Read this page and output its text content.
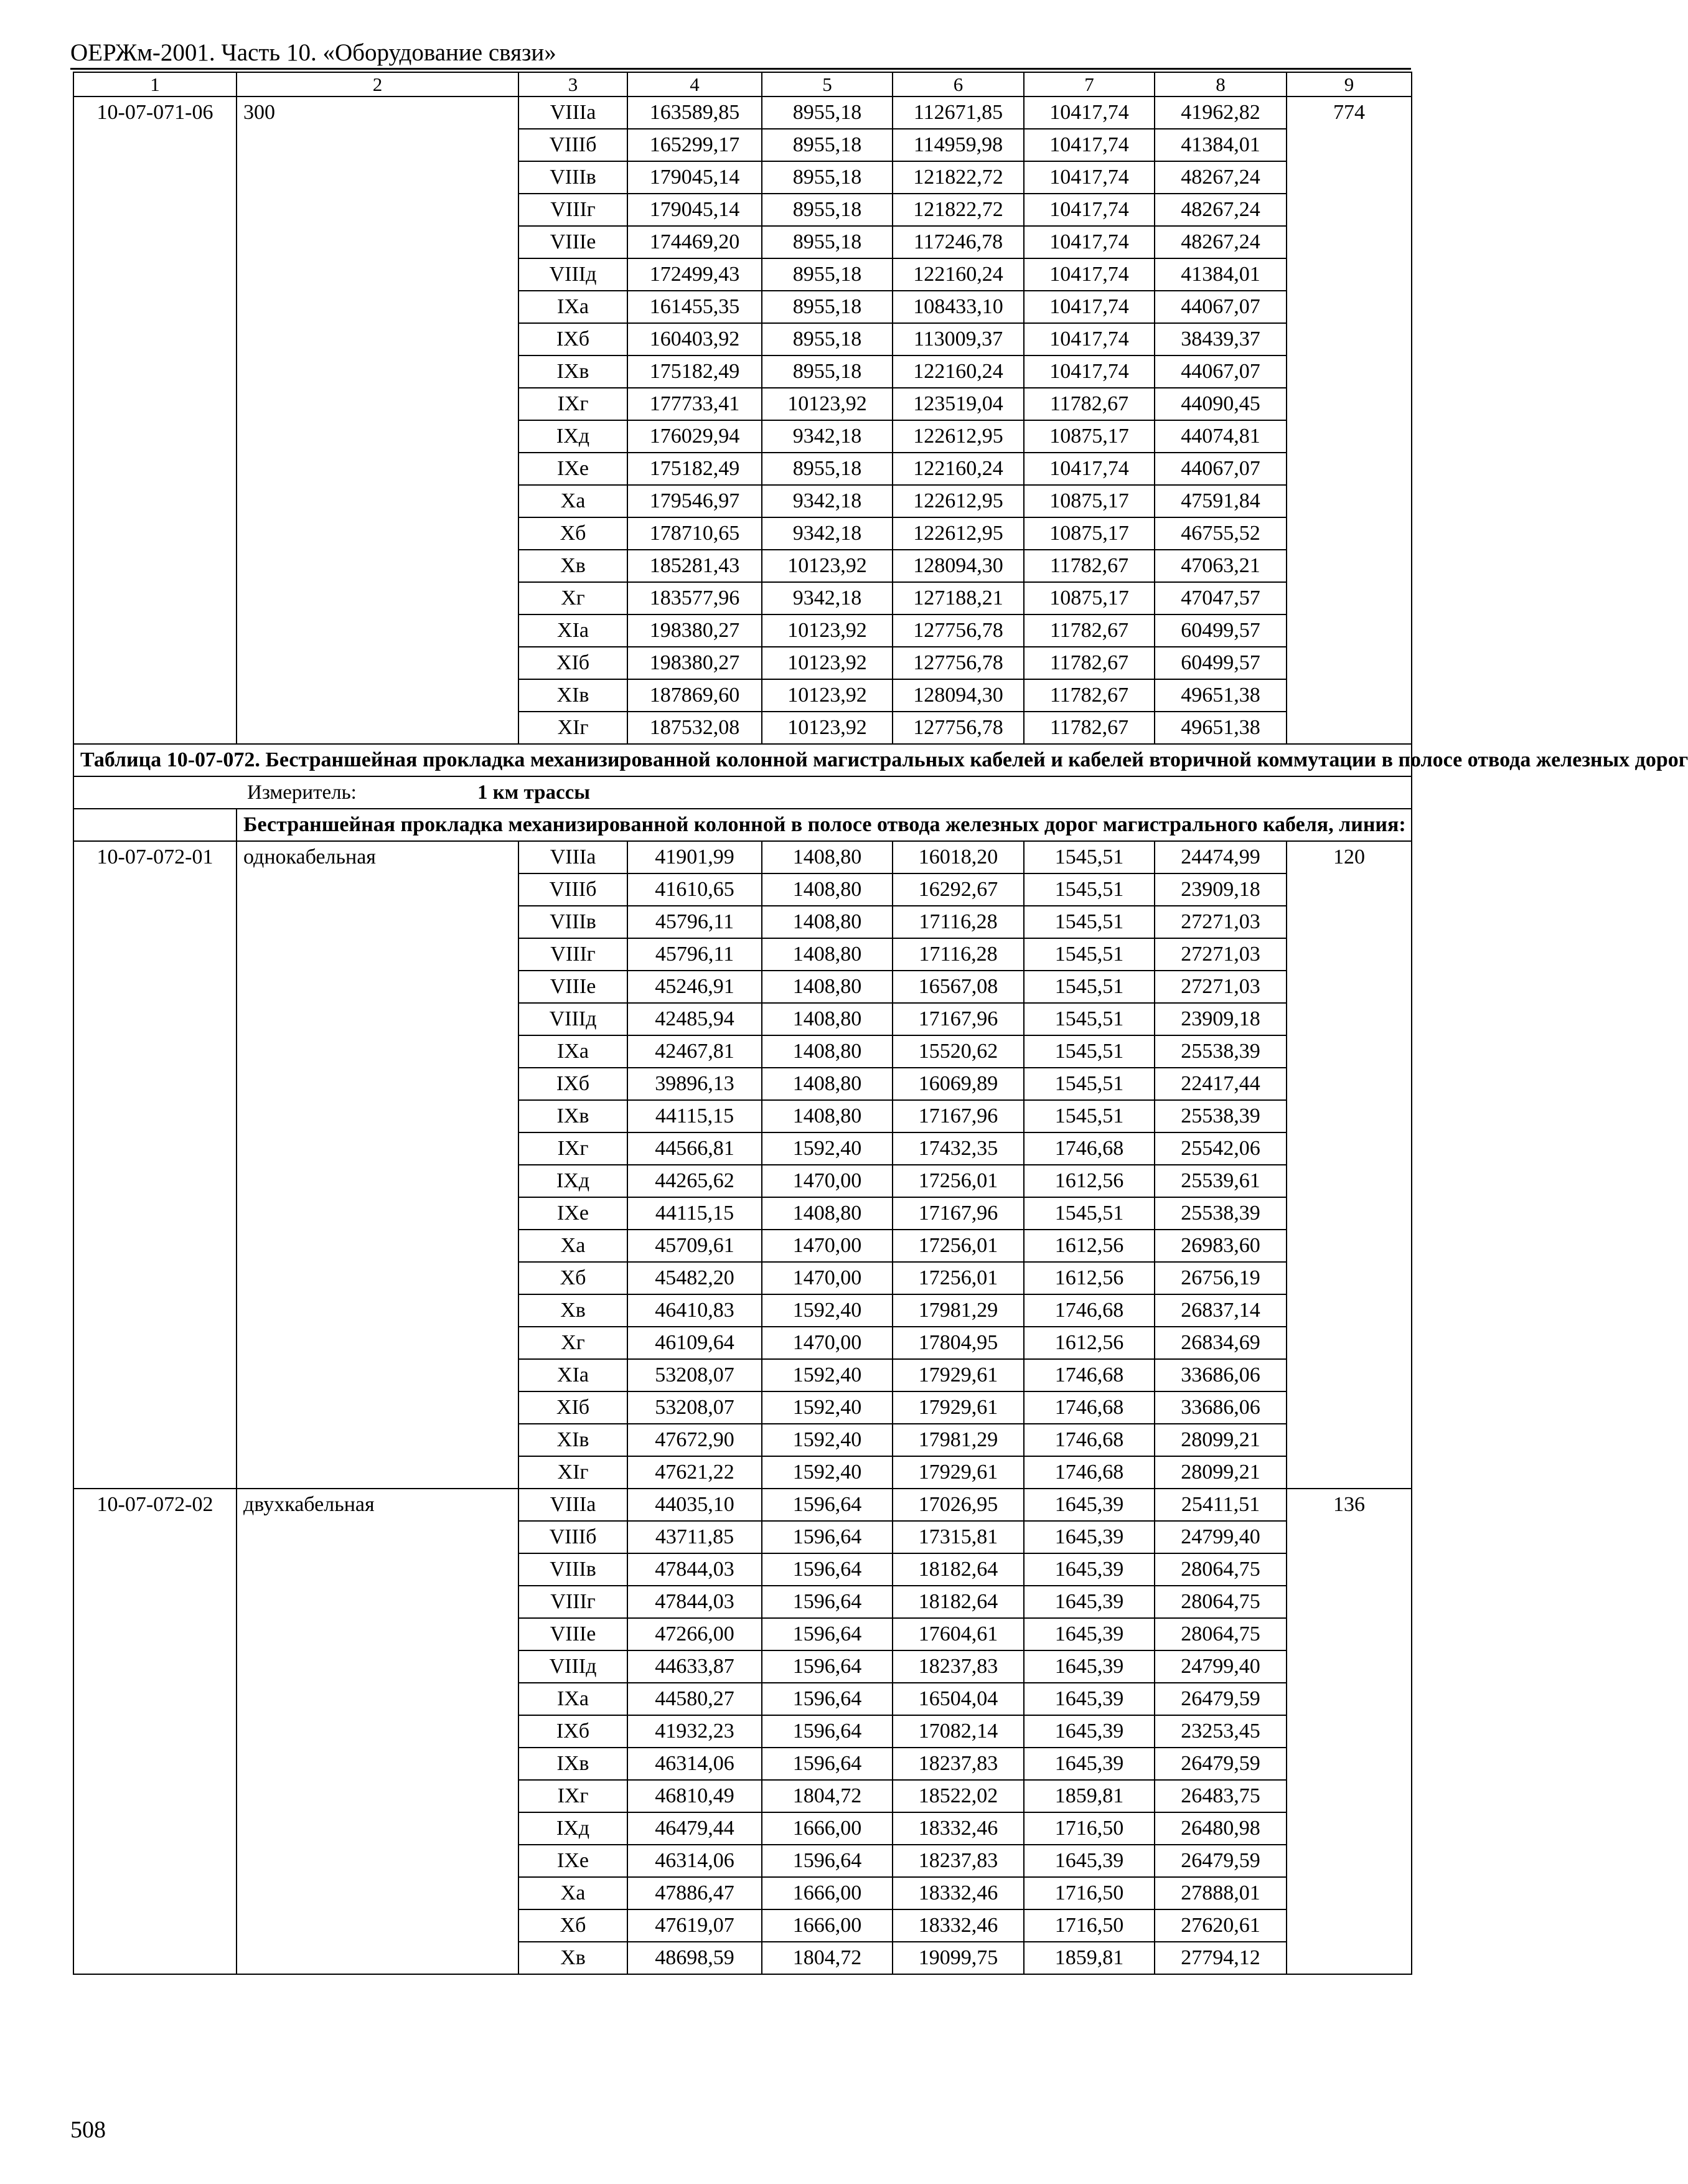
ОЕРЖм-2001. Часть 10. «Оборудование связи»
1	2	3	4	5	6	7	8	9
10-07-071-06	300	VIIIа	163589,85	8955,18	112671,85	10417,74	41962,82	774
		VIIIб	165299,17	8955,18	114959,98	10417,74	41384,01	
		VIIIв	179045,14	8955,18	121822,72	10417,74	48267,24	
		VIIIг	179045,14	8955,18	121822,72	10417,74	48267,24	
		VIIIе	174469,20	8955,18	117246,78	10417,74	48267,24	
		VIIIд	172499,43	8955,18	122160,24	10417,74	41384,01	
		IХа	161455,35	8955,18	108433,10	10417,74	44067,07	
		IХб	160403,92	8955,18	113009,37	10417,74	38439,37	
		IХв	175182,49	8955,18	122160,24	10417,74	44067,07	
		IХг	177733,41	10123,92	123519,04	11782,67	44090,45	
		IХд	176029,94	9342,18	122612,95	10875,17	44074,81	
		IХе	175182,49	8955,18	122160,24	10417,74	44067,07	
		Ха	179546,97	9342,18	122612,95	10875,17	47591,84	
		Хб	178710,65	9342,18	122612,95	10875,17	46755,52	
		Хв	185281,43	10123,92	128094,30	11782,67	47063,21	
		Хг	183577,96	9342,18	127188,21	10875,17	47047,57	
		ХIа	198380,27	10123,92	127756,78	11782,67	60499,57	
		ХIб	198380,27	10123,92	127756,78	11782,67	60499,57	
		ХIв	187869,60	10123,92	128094,30	11782,67	49651,38	
		ХIг	187532,08	10123,92	127756,78	11782,67	49651,38	
Таблица 10-07-072. Бестраншейная прокладка механизированной колонной магистральных кабелей и кабелей вторичной коммутации в полосе отвода железных дорог								
Измеритель: 1 км трассы								
	Бестраншейная прокладка механизированной колонной в полосе отвода железных дорог магистрального кабеля, линия:							
10-07-072-01	однокабельная	VIIIа	41901,99	1408,80	16018,20	1545,51	24474,99	120
		VIIIб	41610,65	1408,80	16292,67	1545,51	23909,18	
		VIIIв	45796,11	1408,80	17116,28	1545,51	27271,03	
		VIIIг	45796,11	1408,80	17116,28	1545,51	27271,03	
		VIIIе	45246,91	1408,80	16567,08	1545,51	27271,03	
		VIIIд	42485,94	1408,80	17167,96	1545,51	23909,18	
		IХа	42467,81	1408,80	15520,62	1545,51	25538,39	
		IХб	39896,13	1408,80	16069,89	1545,51	22417,44	
		IХв	44115,15	1408,80	17167,96	1545,51	25538,39	
		IХг	44566,81	1592,40	17432,35	1746,68	25542,06	
		IХд	44265,62	1470,00	17256,01	1612,56	25539,61	
		IХе	44115,15	1408,80	17167,96	1545,51	25538,39	
		Ха	45709,61	1470,00	17256,01	1612,56	26983,60	
		Хб	45482,20	1470,00	17256,01	1612,56	26756,19	
		Хв	46410,83	1592,40	17981,29	1746,68	26837,14	
		Хг	46109,64	1470,00	17804,95	1612,56	26834,69	
		ХIа	53208,07	1592,40	17929,61	1746,68	33686,06	
		ХIб	53208,07	1592,40	17929,61	1746,68	33686,06	
		ХIв	47672,90	1592,40	17981,29	1746,68	28099,21	
		ХIг	47621,22	1592,40	17929,61	1746,68	28099,21	
10-07-072-02	двухкабельная	VIIIа	44035,10	1596,64	17026,95	1645,39	25411,51	136
		VIIIб	43711,85	1596,64	17315,81	1645,39	24799,40	
		VIIIв	47844,03	1596,64	18182,64	1645,39	28064,75	
		VIIIг	47844,03	1596,64	18182,64	1645,39	28064,75	
		VIIIе	47266,00	1596,64	17604,61	1645,39	28064,75	
		VIIIд	44633,87	1596,64	18237,83	1645,39	24799,40	
		IХа	44580,27	1596,64	16504,04	1645,39	26479,59	
		IХб	41932,23	1596,64	17082,14	1645,39	23253,45	
		IХв	46314,06	1596,64	18237,83	1645,39	26479,59	
		IХг	46810,49	1804,72	18522,02	1859,81	26483,75	
		IХд	46479,44	1666,00	18332,46	1716,50	26480,98	
		IХе	46314,06	1596,64	18237,83	1645,39	26479,59	
		Ха	47886,47	1666,00	18332,46	1716,50	27888,01	
		Хб	47619,07	1666,00	18332,46	1716,50	27620,61	
		Хв	48698,59	1804,72	19099,75	1859,81	27794,12	
508
